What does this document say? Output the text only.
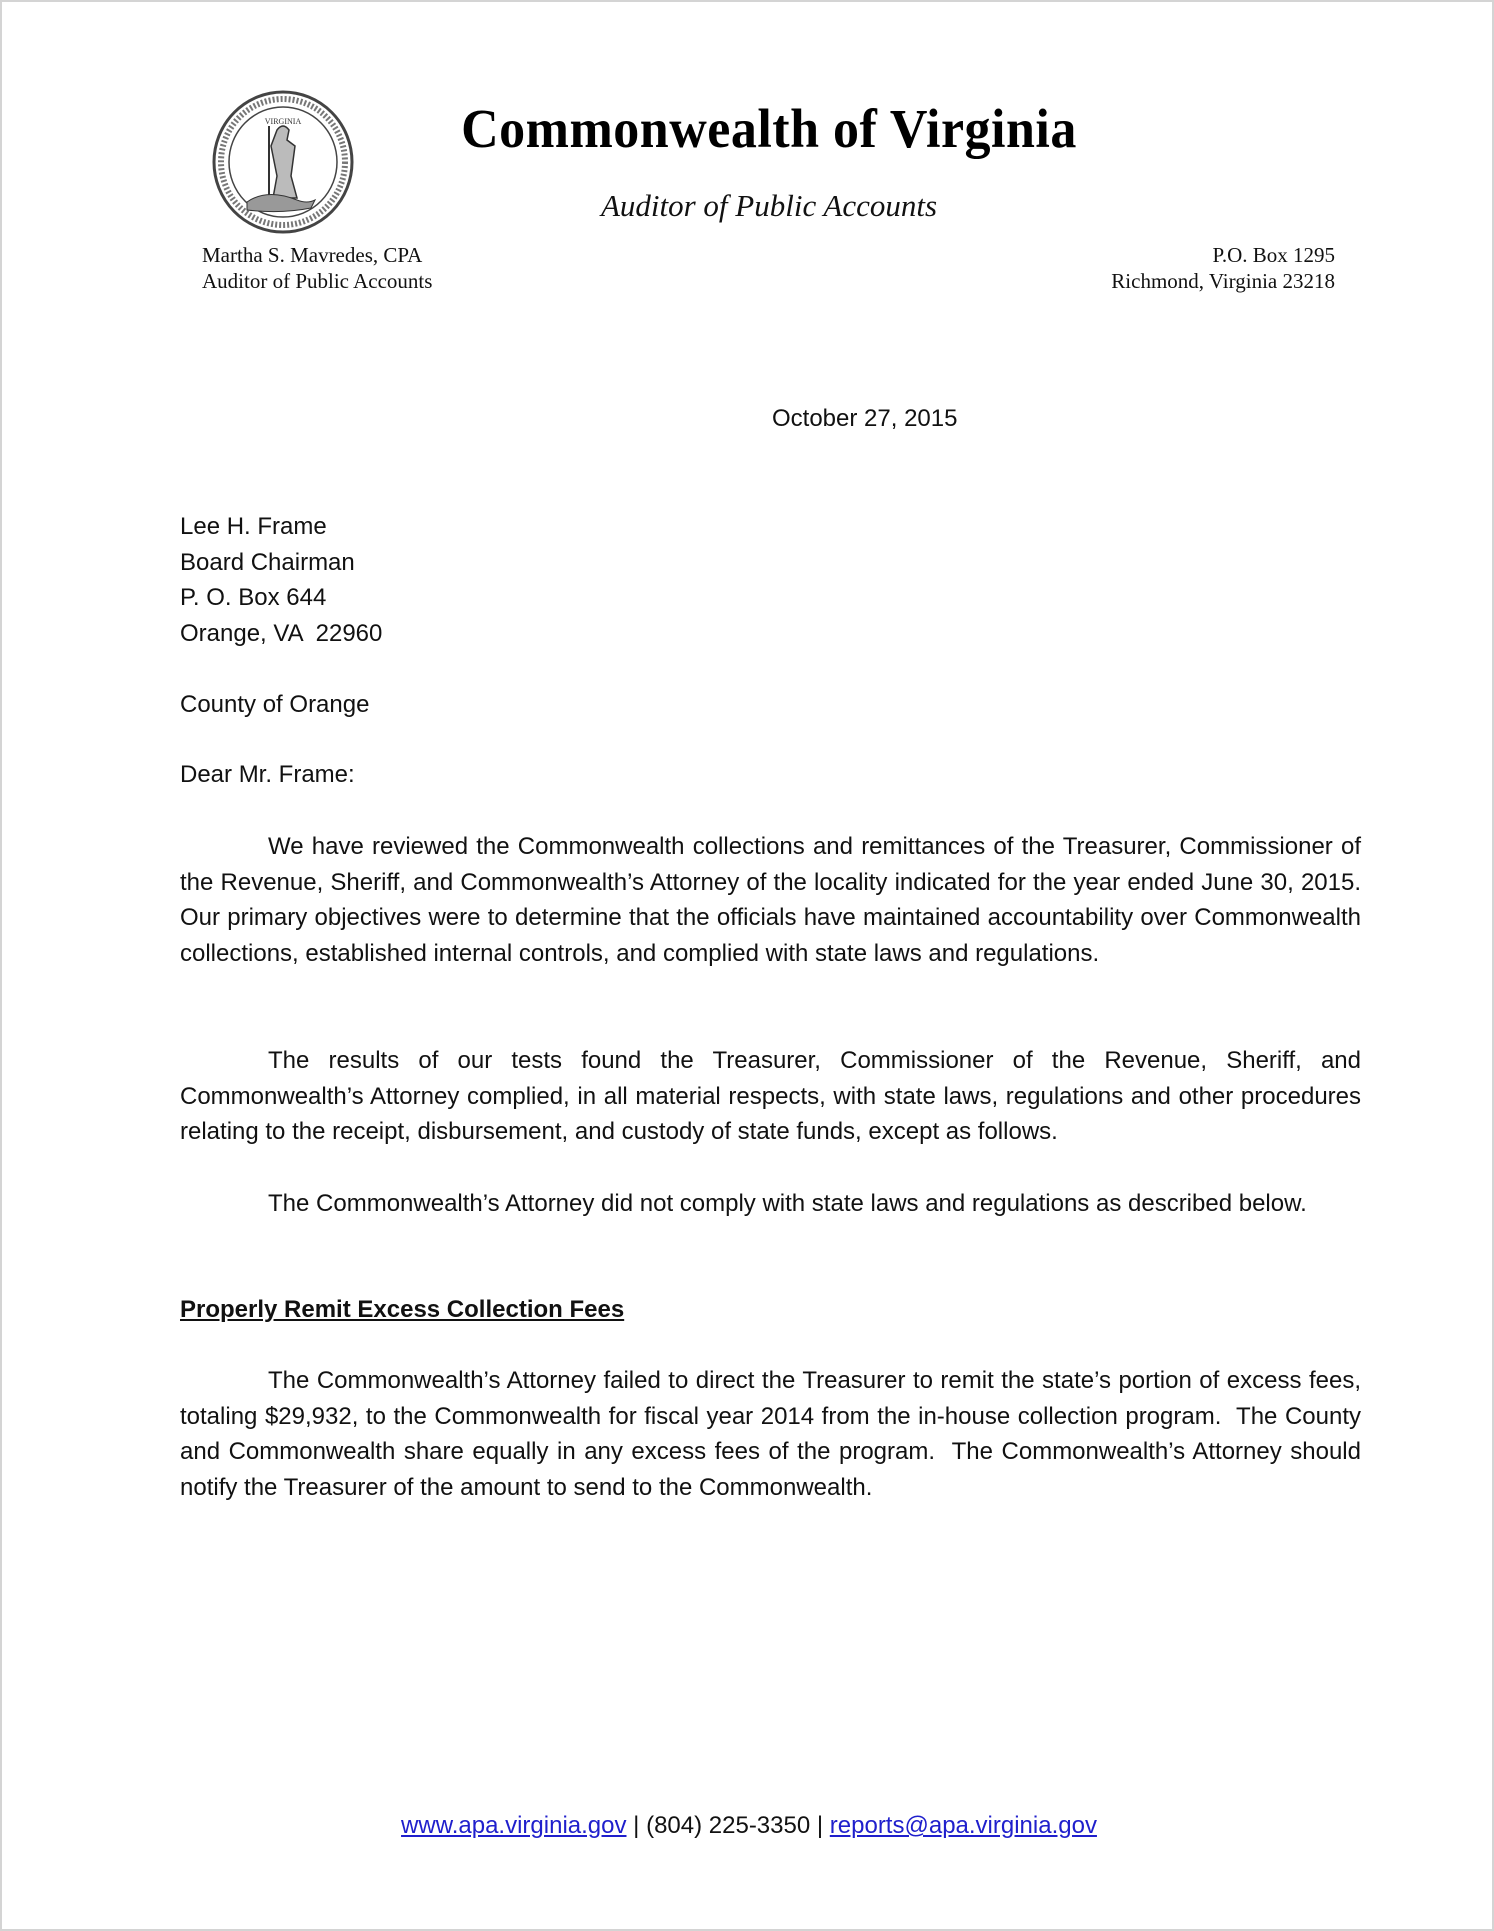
VIRGINIA	Commonwealth of Virginia
Auditor of Public Accounts
Martha S. Mavredes, CPA
Auditor of Public Accounts
P.O. Box 1295
Richmond, Virginia 23218
October 27, 2015
Lee H. Frame
Board Chairman
P. O. Box 644
Orange, VA  22960
County of Orange
Dear Mr. Frame:

We have reviewed the Commonwealth collections and remittances of the Treasurer, Commissioner of the Revenue, Sheriff, and Commonwealth’s Attorney of the locality indicated for the year ended June 30, 2015.  Our primary objectives were to determine that the officials have maintained accountability over Commonwealth collections, established internal controls, and complied with state laws and regulations.

The results of our tests found the Treasurer, Commissioner of the Revenue, Sheriff, and Commonwealth’s Attorney complied, in all material respects, with state laws, regulations and other procedures relating to the receipt, disbursement, and custody of state funds, except as follows.

The Commonwealth’s Attorney did not comply with state laws and regulations as described below.

Properly Remit Excess Collection Fees

The Commonwealth’s Attorney failed to direct the Treasurer to remit the state’s portion of excess fees, totaling $29,932, to the Commonwealth for fiscal year 2014 from the in-house collection program.  The County and Commonwealth share equally in any excess fees of the program.  The Commonwealth’s Attorney should notify the Treasurer of the amount to send to the Commonwealth.

www.apa.virginia.gov | (804) 225-3350 | reports@apa.virginia.gov
